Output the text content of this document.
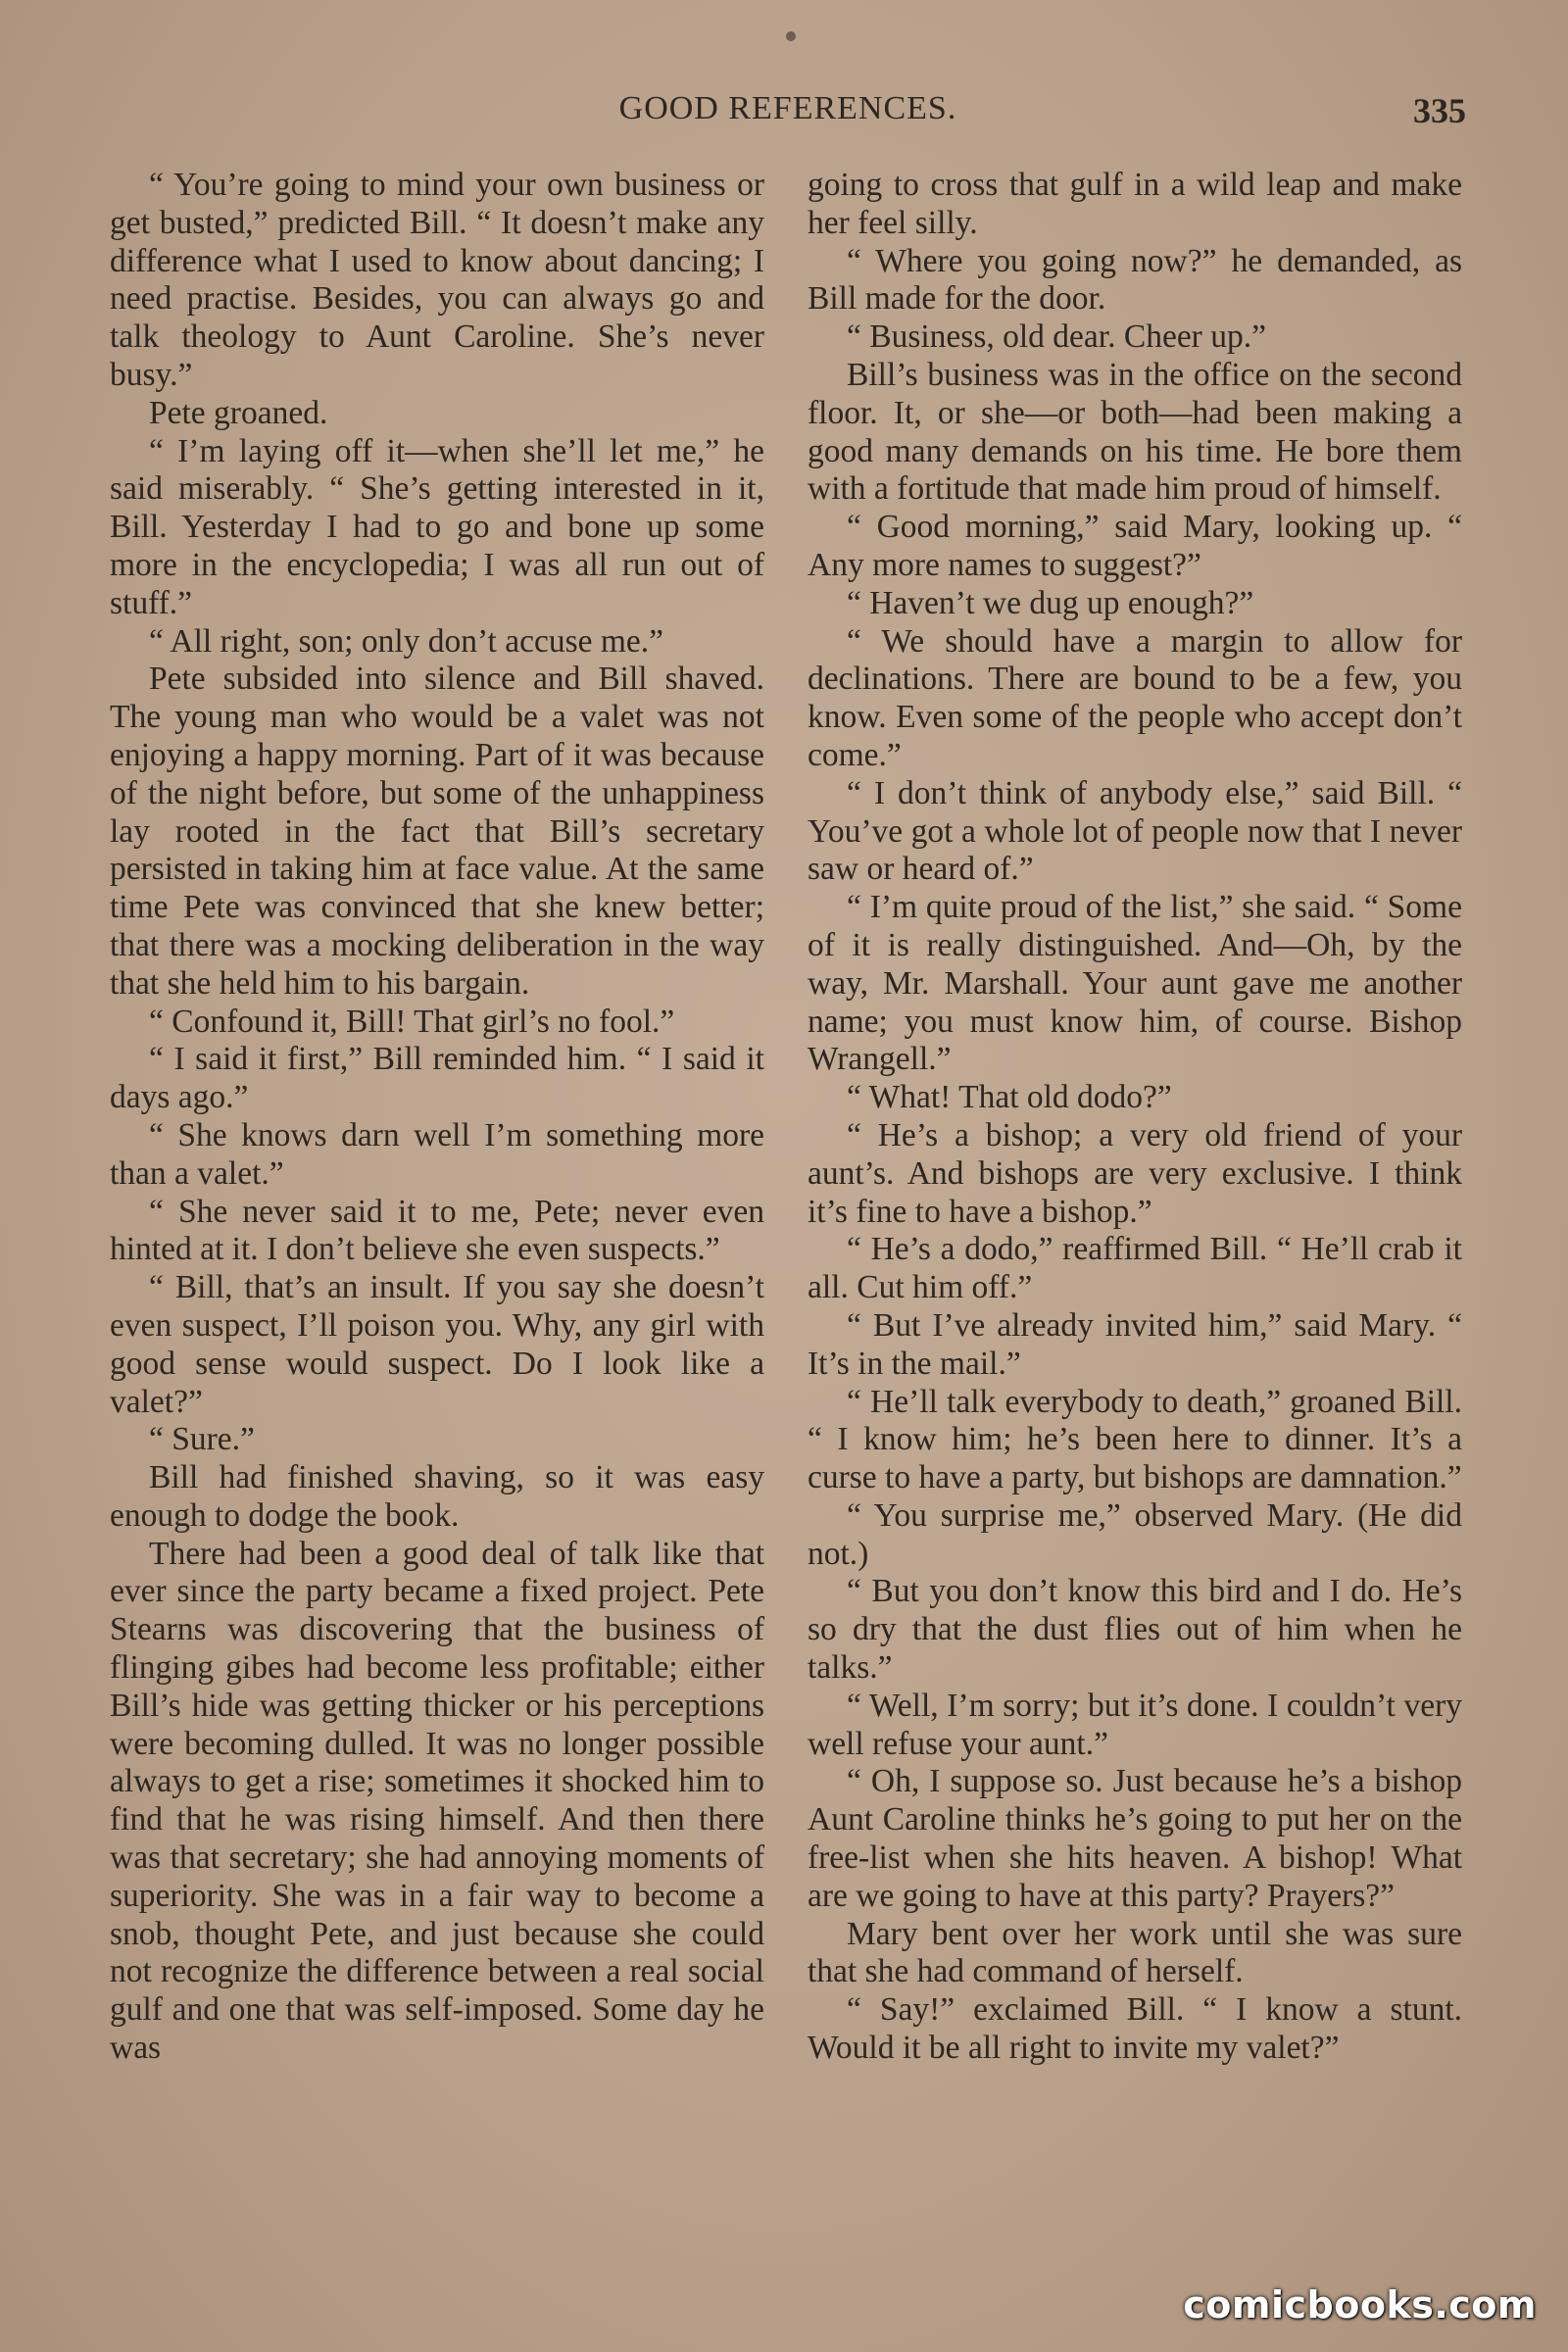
GOOD REFERENCES.	335

“ You’re going to mind your own business or get busted,” predicted Bill. “ It doesn’t make any difference what I used to know about dancing; I need practise. Besides, you can always go and talk theology to Aunt Caroline. She’s never busy.”

Pete groaned.

“ I’m laying off it—when she’ll let me,” he said miserably. “ She’s getting interested in it, Bill. Yesterday I had to go and bone up some more in the encyclopedia; I was all run out of stuff.”

“ All right, son; only don’t accuse me.”

Pete subsided into silence and Bill shaved. The young man who would be a valet was not enjoying a happy morning. Part of it was because of the night before, but some of the unhappiness lay rooted in the fact that Bill’s secretary persisted in taking him at face value. At the same time Pete was convinced that she knew better; that there was a mocking deliberation in the way that she held him to his bargain.

“ Confound it, Bill! That girl’s no fool.”

“ I said it first,” Bill reminded him. “ I said it days ago.”

“ She knows darn well I’m something more than a valet.”

“ She never said it to me, Pete; never even hinted at it. I don’t believe she even suspects.”

“ Bill, that’s an insult. If you say she doesn’t even suspect, I’ll poison you. Why, any girl with good sense would suspect. Do I look like a valet?”

“ Sure.”

Bill had finished shaving, so it was easy enough to dodge the book.

There had been a good deal of talk like that ever since the party became a fixed project. Pete Stearns was discovering that the business of flinging gibes had become less profitable; either Bill’s hide was getting thicker or his perceptions were becoming dulled. It was no longer possible always to get a rise; sometimes it shocked him to find that he was rising himself. And then there was that secretary; she had annoying moments of superiority. She was in a fair way to become a snob, thought Pete, and just because she could not recognize the difference between a real social gulf and one that was self-imposed. Some day he was

going to cross that gulf in a wild leap and make her feel silly.

“ Where you going now?” he demanded, as Bill made for the door.

“ Business, old dear. Cheer up.”

Bill’s business was in the office on the second floor. It, or she—or both—had been making a good many demands on his time. He bore them with a fortitude that made him proud of himself.

“ Good morning,” said Mary, looking up. “ Any more names to suggest?”

“ Haven’t we dug up enough?”

“ We should have a margin to allow for declinations. There are bound to be a few, you know. Even some of the people who accept don’t come.”

“ I don’t think of anybody else,” said Bill. “ You’ve got a whole lot of people now that I never saw or heard of.”

“ I’m quite proud of the list,” she said. “ Some of it is really distinguished. And—Oh, by the way, Mr. Marshall. Your aunt gave me another name; you must know him, of course. Bishop Wrangell.”

“ What! That old dodo?”

“ He’s a bishop; a very old friend of your aunt’s. And bishops are very exclusive. I think it’s fine to have a bishop.”

“ He’s a dodo,” reaffirmed Bill. “ He’ll crab it all. Cut him off.”

“ But I’ve already invited him,” said Mary. “ It’s in the mail.”

“ He’ll talk everybody to death,” groaned Bill. “ I know him; he’s been here to dinner. It’s a curse to have a party, but bishops are damnation.”

“ You surprise me,” observed Mary. (He did not.)

“ But you don’t know this bird and I do. He’s so dry that the dust flies out of him when he talks.”

“ Well, I’m sorry; but it’s done. I couldn’t very well refuse your aunt.”

“ Oh, I suppose so. Just because he’s a bishop Aunt Caroline thinks he’s going to put her on the free-list when she hits heaven. A bishop! What are we going to have at this party? Prayers?”

Mary bent over her work until she was sure that she had command of herself.

“ Say!” exclaimed Bill. “ I know a stunt. Would it be all right to invite my valet?”

comicbooks.com
